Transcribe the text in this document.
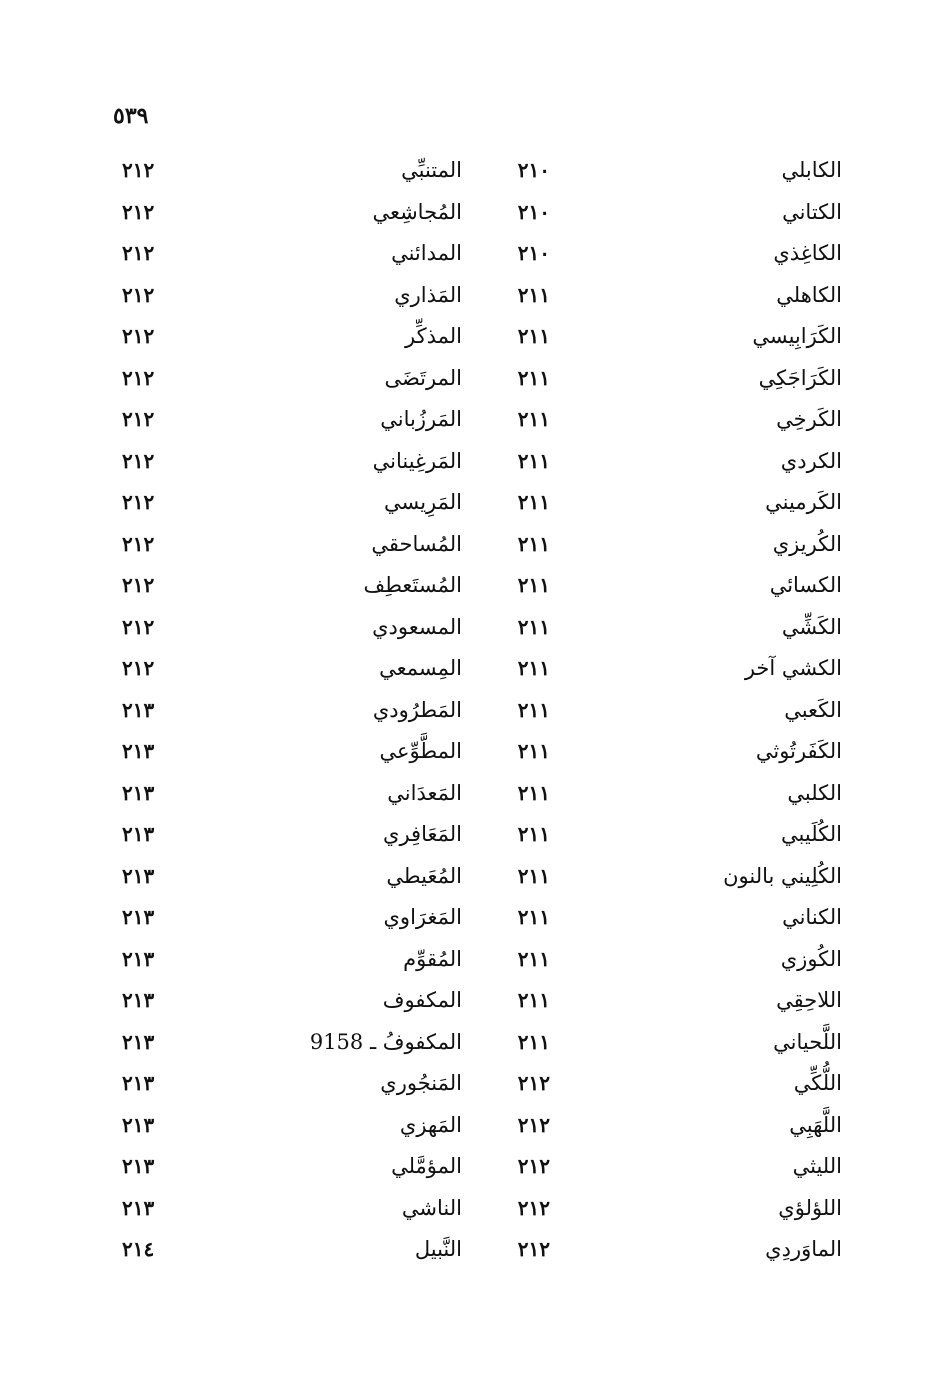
٥٣٩
الكابلي
٢١٠
المتنبِّي
٢١٢
الكتاني
٢١٠
المُجاشِعي
٢١٢
الكاغِذي
٢١٠
المدائني
٢١٢
الكاهلي
٢١١
المَذاري
٢١٢
الكَرَابِيسي
٢١١
المذكِّر
٢١٢
الكَرَاجَكِي
٢١١
المرتَضَى
٢١٢
الكَرخِي
٢١١
المَرزُباني
٢١٢
الكردي
٢١١
المَرغِيناني
٢١٢
الكَرميني
٢١١
المَرِيسي
٢١٢
الكُريزي
٢١١
المُساحقي
٢١٢
الكسائي
٢١١
المُستَعطِف
٢١٢
الكَشِّي
٢١١
المسعودي
٢١٢
الكشي آخر
٢١١
المِسمعي
٢١٢
الكَعبي
٢١١
المَطرُودي
٢١٣
الكَفَرتُوثي
٢١١
المطَّوِّعي
٢١٣
الكلبي
٢١١
المَعدَاني
٢١٣
الكُلَيبي
٢١١
المَعَافِري
٢١٣
الكُلِيني بالنون
٢١١
المُعَيطي
٢١٣
الكناني
٢١١
المَغرَاوي
٢١٣
الكُوزي
٢١١
المُقوِّم
٢١٣
اللاحِقِي
٢١١
المكفوف
٢١٣
اللَّحياني
٢١١
المكفوفُ ـ 9158
٢١٣
اللُّكِّي
٢١٢
المَنجُوري
٢١٣
اللَّهَبِي
٢١٢
المَهزي
٢١٣
الليثي
٢١٢
المؤمَّلي
٢١٣
اللؤلؤي
٢١٢
الناشي
٢١٣
الماوَردِي
٢١٢
النَّبيل
٢١٤
